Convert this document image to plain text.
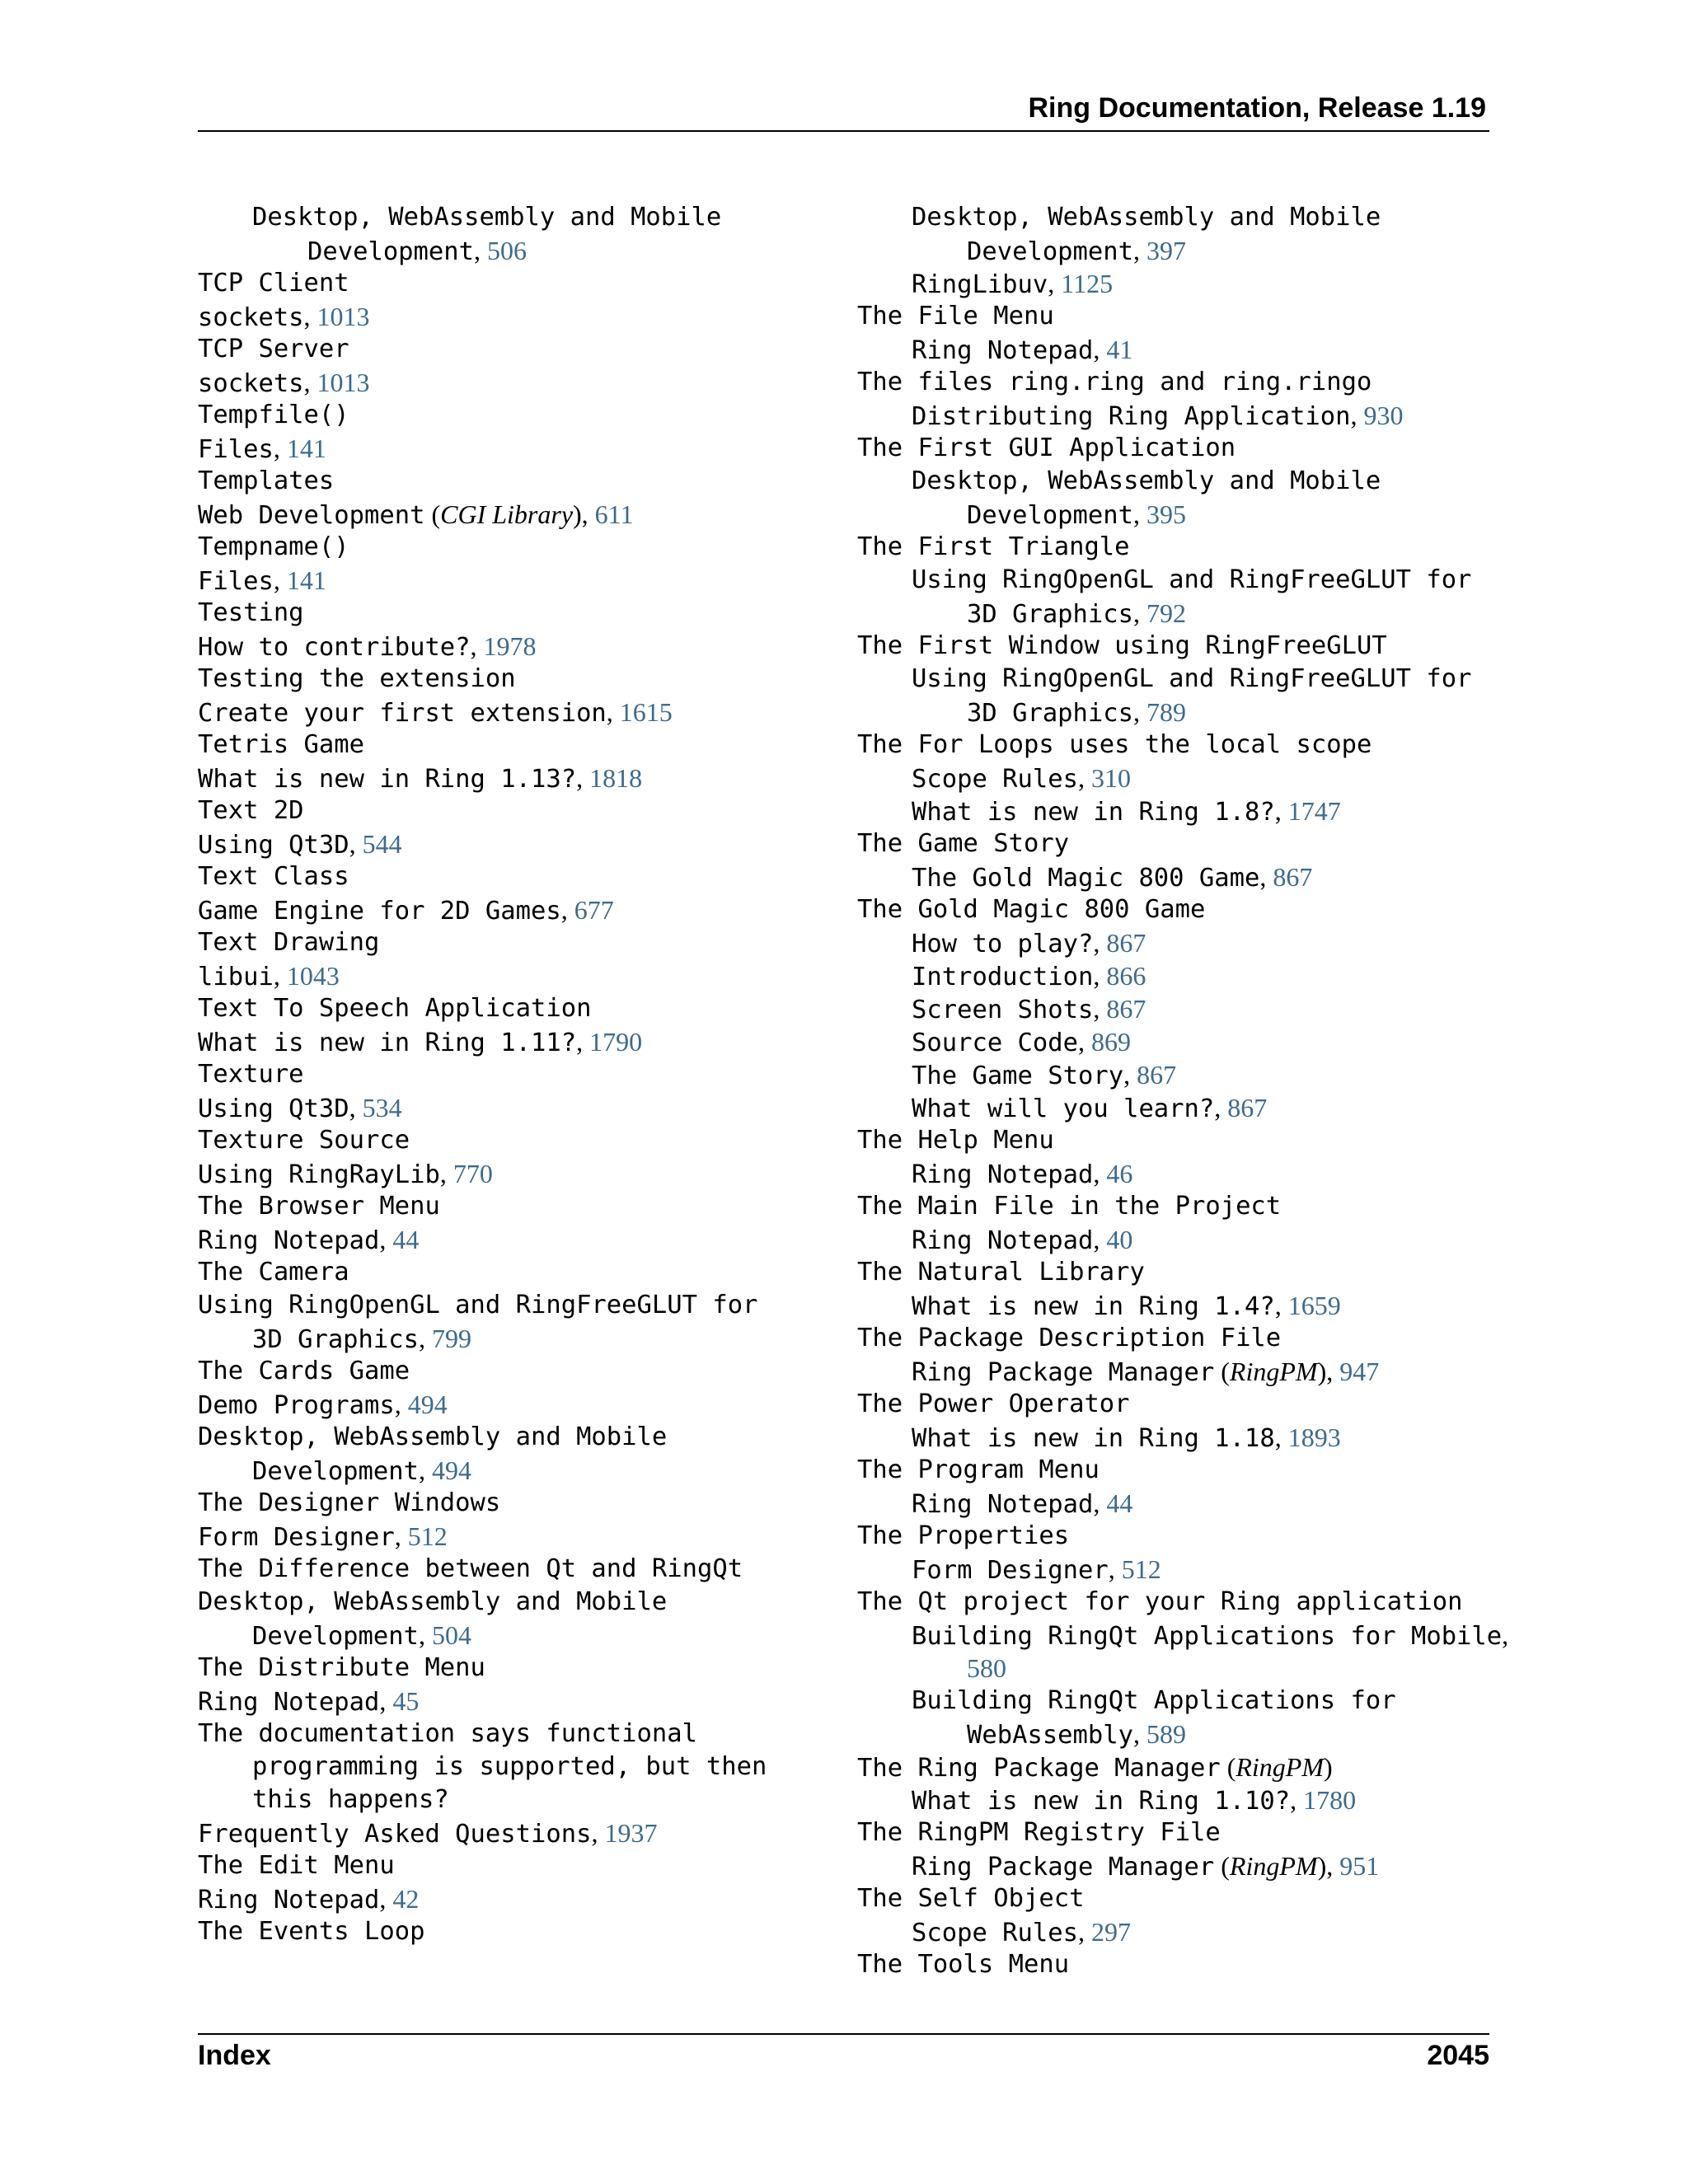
Ring Documentation, Release 1.19
Desktop, WebAssembly and Mobile
Development, 506
TCP Client
sockets, 1013
TCP Server
sockets, 1013
Tempfile()
Files, 141
Templates
Web Development (CGI Library), 611
Tempname()
Files, 141
Testing
How to contribute?, 1978
Testing the extension
Create your first extension, 1615
Tetris Game
What is new in Ring 1.13?, 1818
Text 2D
Using Qt3D, 544
Text Class
Game Engine for 2D Games, 677
Text Drawing
libui, 1043
Text To Speech Application
What is new in Ring 1.11?, 1790
Texture
Using Qt3D, 534
Texture Source
Using RingRayLib, 770
The Browser Menu
Ring Notepad, 44
The Camera
Using RingOpenGL and RingFreeGLUT for
3D Graphics, 799
The Cards Game
Demo Programs, 494
Desktop, WebAssembly and Mobile
Development, 494
The Designer Windows
Form Designer, 512
The Difference between Qt and RingQt
Desktop, WebAssembly and Mobile
Development, 504
The Distribute Menu
Ring Notepad, 45
The documentation says functional
programming is supported, but then
this happens?
Frequently Asked Questions, 1937
The Edit Menu
Ring Notepad, 42
The Events Loop
Desktop, WebAssembly and Mobile
Development, 397
RingLibuv, 1125
The File Menu
Ring Notepad, 41
The files ring.ring and ring.ringo
Distributing Ring Application, 930
The First GUI Application
Desktop, WebAssembly and Mobile
Development, 395
The First Triangle
Using RingOpenGL and RingFreeGLUT for
3D Graphics, 792
The First Window using RingFreeGLUT
Using RingOpenGL and RingFreeGLUT for
3D Graphics, 789
The For Loops uses the local scope
Scope Rules, 310
What is new in Ring 1.8?, 1747
The Game Story
The Gold Magic 800 Game, 867
The Gold Magic 800 Game
How to play?, 867
Introduction, 866
Screen Shots, 867
Source Code, 869
The Game Story, 867
What will you learn?, 867
The Help Menu
Ring Notepad, 46
The Main File in the Project
Ring Notepad, 40
The Natural Library
What is new in Ring 1.4?, 1659
The Package Description File
Ring Package Manager (RingPM), 947
The Power Operator
What is new in Ring 1.18, 1893
The Program Menu
Ring Notepad, 44
The Properties
Form Designer, 512
The Qt project for your Ring application
Building RingQt Applications for Mobile,
580
Building RingQt Applications for
WebAssembly, 589
The Ring Package Manager (RingPM)
What is new in Ring 1.10?, 1780
The RingPM Registry File
Ring Package Manager (RingPM), 951
The Self Object
Scope Rules, 297
The Tools Menu
Index	2045
